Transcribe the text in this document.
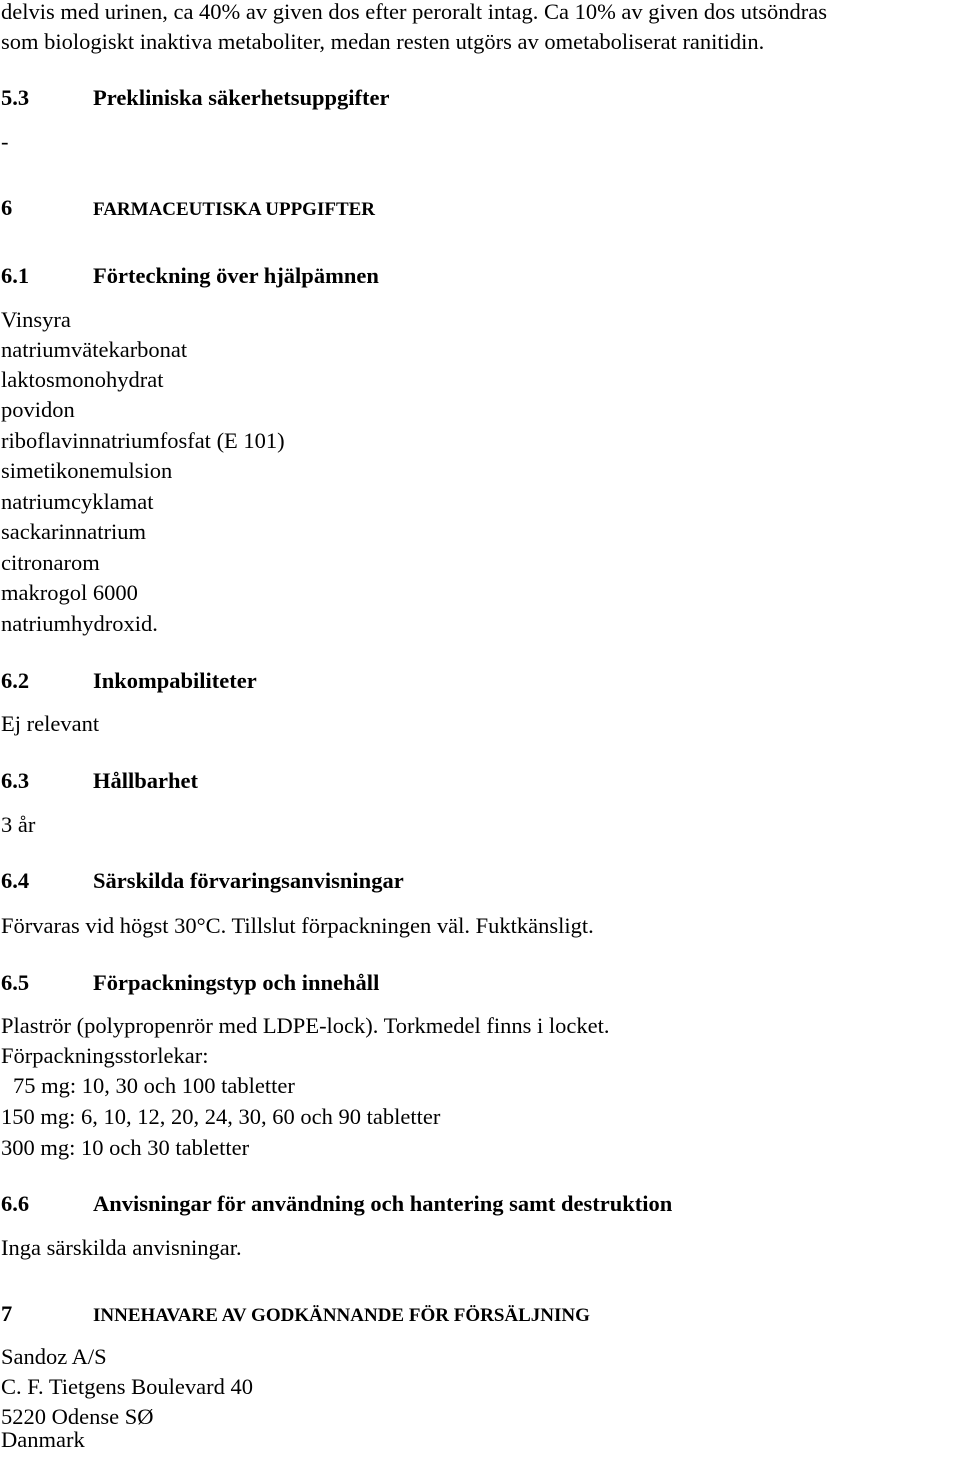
delvis med urinen, ca 40% av given dos efter peroralt intag. Ca 10% av given dos utsöndras

som biologiskt inaktiva metaboliter, medan resten utgörs av ometaboliserat ranitidin.

5.3	Prekliniska säkerhetsuppgifter

-

6	FARMACEUTISKA UPPGIFTER
6.1	Förteckning över hjälpämnen

Vinsyra

natriumvätekarbonat

laktosmonohydrat

povidon

riboflavinnatriumfosfat (E 101)

simetikonemulsion

natriumcyklamat

sackarinnatrium

citronarom

makrogol 6000

natriumhydroxid.

6.2	Inkompabiliteter

Ej relevant

6.3	Hållbarhet

3 år

6.4	Särskilda förvaringsanvisningar

Förvaras vid högst 30°C. Tillslut förpackningen väl. Fuktkänsligt.

6.5	Förpackningstyp och innehåll

Plaströr (polypropenrör med LDPE-lock). Torkmedel finns i locket.

Förpackningsstorlekar:

75 mg: 10, 30 och 100 tabletter

150 mg: 6, 10, 12, 20, 24, 30, 60 och 90 tabletter

300 mg: 10 och 30 tabletter

6.6	Anvisningar för användning och hantering samt destruktion

Inga särskilda anvisningar.

7	INNEHAVARE AV GODKÄNNANDE FÖR FÖRSÄLJNING

Sandoz A/S

C. F. Tietgens Boulevard 40

5220 Odense SØ

Danmark
